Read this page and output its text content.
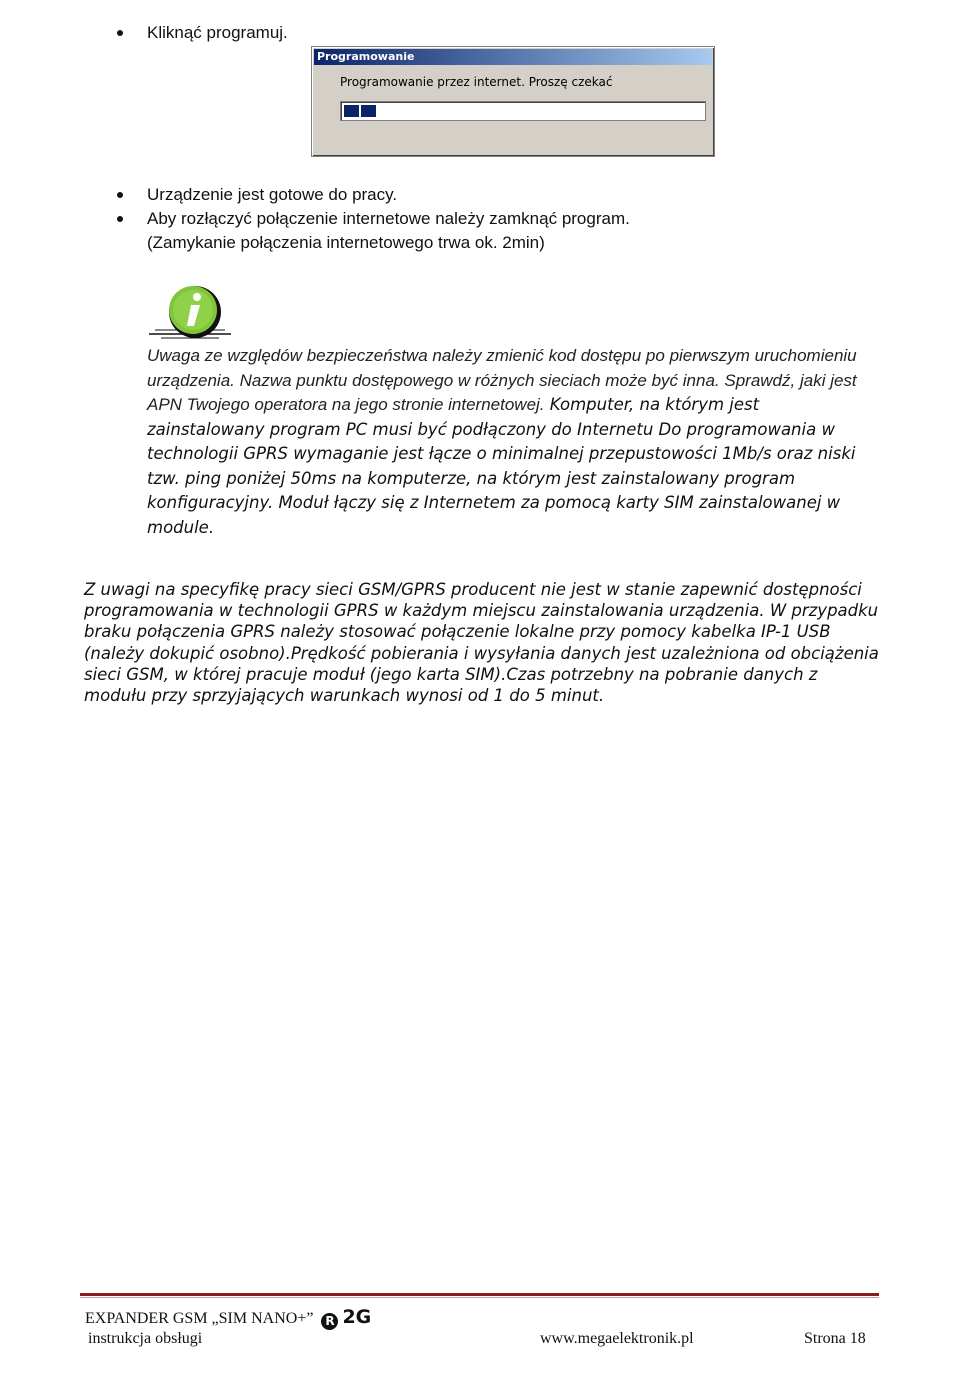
Kliknąć programuj.
Programowanie
Programowanie przez internet. Proszę czekać
Urządzenie jest gotowe do pracy.
Aby rozłączyć połączenie internetowe należy zamknąć program.
(Zamykanie połączenia internetowego trwa ok. 2min)
Uwaga ze względów bezpieczeństwa należy zmienić kod dostępu po pierwszym uruchomieniu urządzenia. Nazwa punktu dostępowego w różnych sieciach może być inna. Sprawdź, jaki jest APN Twojego operatora na jego stronie internetowej. Komputer, na którym jest zainstalowany program PC musi być podłączony do Internetu Do programowania w technologii GPRS wymaganie jest łącze o minimalnej przepustowości 1Mb/s oraz niski tzw. ping poniżej 50ms na komputerze, na którym jest zainstalowany program konfiguracyjny. Moduł łączy się z Internetem za pomocą karty SIM zainstalowanej w module.
Z uwagi na specyfikę pracy sieci GSM/GPRS producent nie jest w stanie zapewnić dostępności programowania w technologii GPRS w każdym miejscu zainstalowania urządzenia. W przypadku braku połączenia GPRS należy stosować połączenie lokalne przy pomocy kabelka IP-1 USB (należy dokupić osobno).Prędkość pobierania i wysyłania danych jest uzależniona od obciążenia sieci GSM, w której pracuje moduł (jego karta SIM).Czas potrzebny na pobranie danych z modułu przy sprzyjających warunkach wynosi od 1 do 5 minut.
EXPANDER GSM „SIM NANO+” R 2G
instrukcja obsługi	www.megaelektronik.pl	Strona 18
